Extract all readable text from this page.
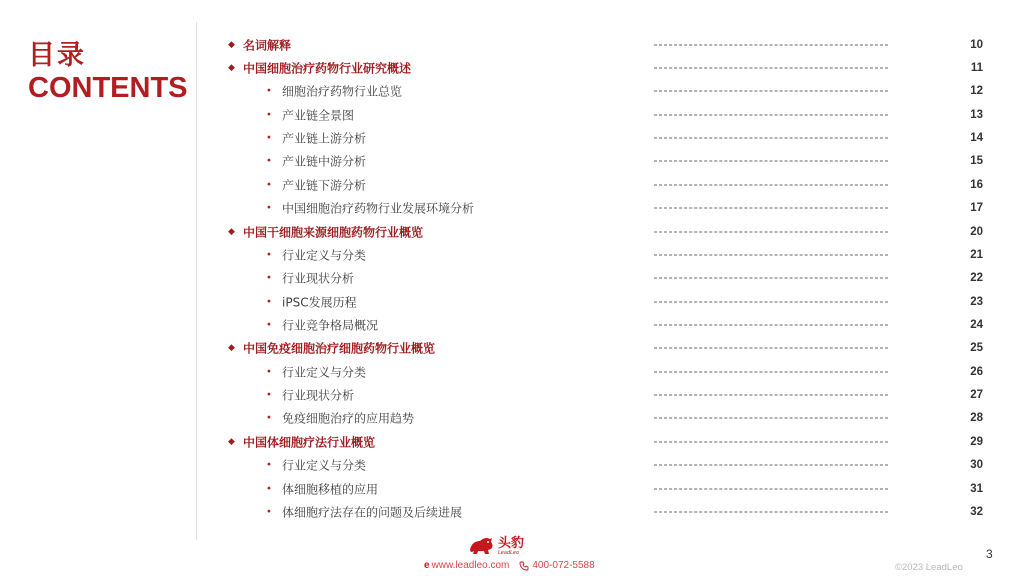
目录
CONTENTS
◆ 名词解释	10
◆ 中国细胞治疗药物行业研究概述	11
• 细胞治疗药物行业总览	12
• 产业链全景图	13
• 产业链上游分析	14
• 产业链中游分析	15
• 产业链下游分析	16
• 中国细胞治疗药物行业发展环境分析	17
◆ 中国干细胞来源细胞药物行业概览	20
• 行业定义与分类	21
• 行业现状分析	22
• iPSC发展历程	23
• 行业竞争格局概况	24
◆ 中国免疫细胞治疗细胞药物行业概览	25
• 行业定义与分类	26
• 行业现状分析	27
• 免疫细胞治疗的应用趋势	28
◆ 中国体细胞疗法行业概览	29
• 行业定义与分类	30
• 体细胞移植的应用	31
• 体细胞疗法存在的问题及后续进展	32
3
头豹
LeadLeo
e www.leadleo.com 400-072-5588	©2023 LeadLeo
